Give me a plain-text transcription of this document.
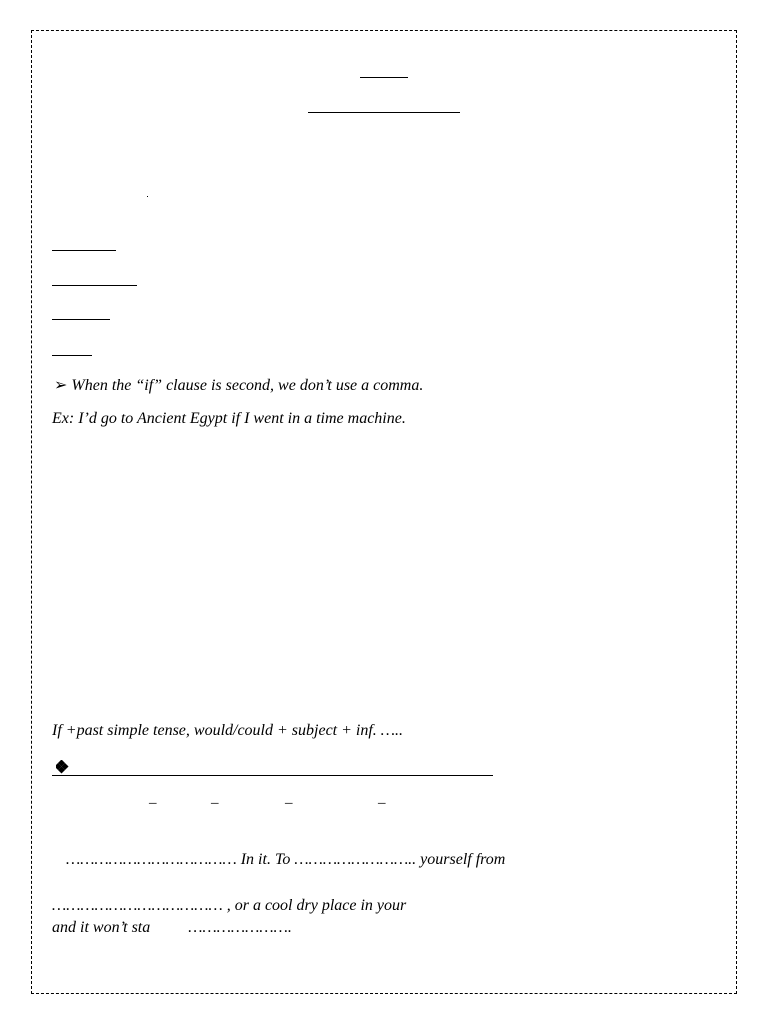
➢ When the “if” clause is second, we don’t use a comma.
Ex: I’d go to Ancient Egypt if I went in a time machine.
If +past simple tense, would/could + subject + inf. …..
–	–	–	–
……………………………… In it. To …………………….. yourself from
……………………………… , or a cool dry place in your
and it won’t sta ………………….
